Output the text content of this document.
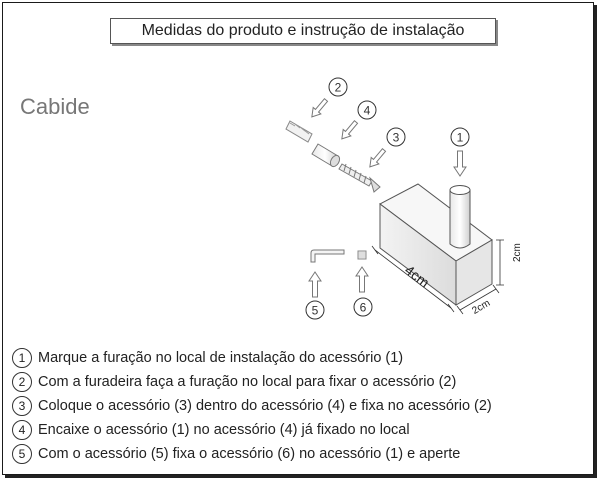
Medidas do produto e instrução de instalação
Cabide
2
4
3	1
4cm
2cm
2cm
5	6
1 Marque a furação no local de instalação do acessório (1)
2 Com a furadeira faça a furação no local para fixar o acessório (2)
3 Coloque o acessório (3) dentro do acessório (4) e fixa no acessório (2)
4 Encaixe o acessório (1) no acessório (4) já fixado no local
5 Com o acessório (5) fixa o acessório (6) no acessório (1) e aperte
